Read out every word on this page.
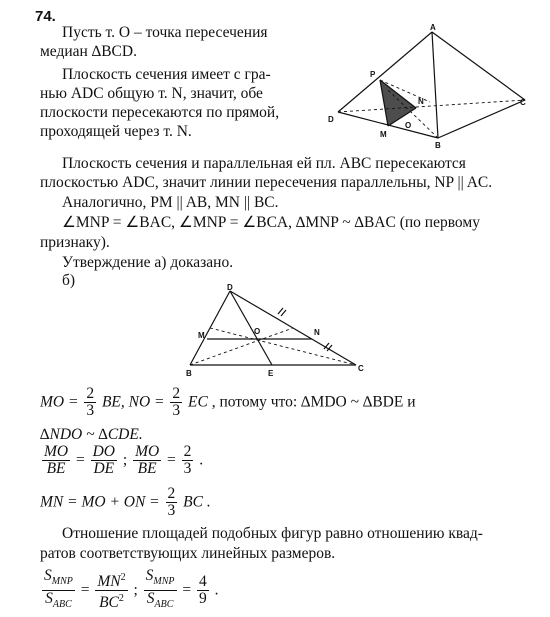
74.
Пусть т. O – точка пересечения
медиан ∆BCD.
Плоскость сечения имеет с гра-
нью ADC общую т. N, значит, обе
плоскости пересекаются по прямой,
проходящей через т. N.
A
P
N	C
D
O
M
B
Плоскость сечения и параллельная ей пл. ABC пересекаются
плоскостью ADC, значит линии пересечения параллельны, NP || AC.
Аналогично, PM || AB, MN || BC.
∠MNP = ∠BAC, ∠MNP = ∠BCA, ∆MNP ~ ∆BAC (по первому
признаку).
Утверждение а) доказано.
б)	D
M	O	N
B	E
C
MO = $\frac{2}{3}$ BE, NO = $\frac{2}{3}$ EC , потому что: ∆MDO ~ ∆BDE и
∆NDO ~ ∆CDE.
$\frac{MO}{BE} = \frac{DO}{DE}$ ; $\frac{MO}{BE} = \frac{2}{3}$ .
MN = MO + ON = $\frac{2}{3}$ BC .
Отношение площадей подобных фигур равно отношению квад-
ратов соответствующих линейных размеров.
$\frac{S_{MNP}}{S_{ABC}} = \frac{MN^2}{BC^2}$ ; $\frac{S_{MNP}}{S_{ABC}} = \frac{4}{9}$ .
